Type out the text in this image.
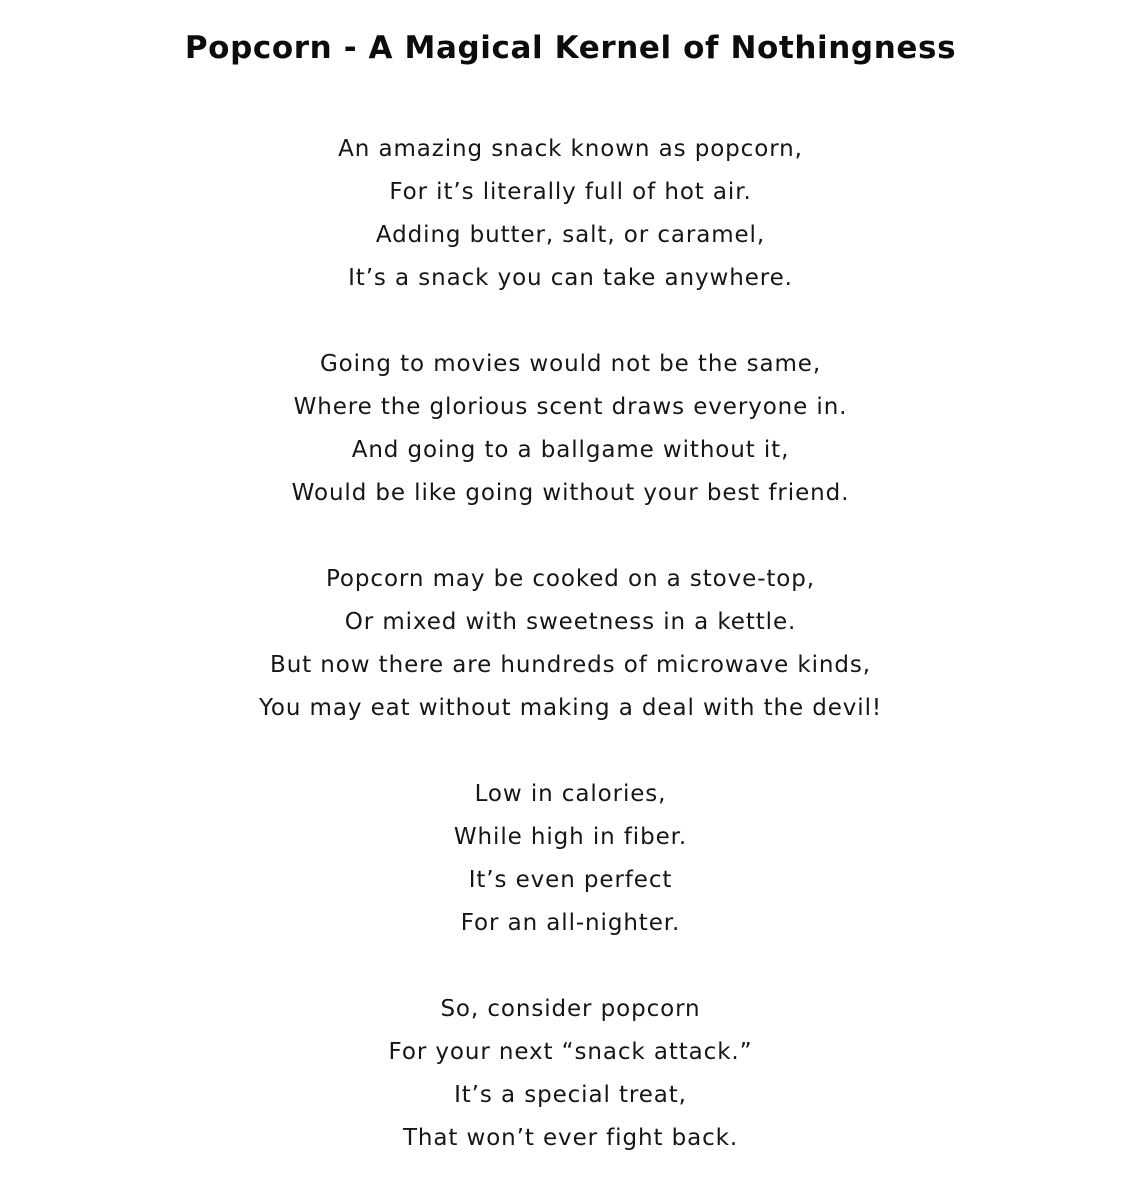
Popcorn - A Magical Kernel of Nothingness
An amazing snack known as popcorn,
For it’s literally full of hot air.
Adding butter, salt, or caramel,
It’s a snack you can take anywhere.
Going to movies would not be the same,
Where the glorious scent draws everyone in.
And going to a ballgame without it,
Would be like going without your best friend.
Popcorn may be cooked on a stove-top,
Or mixed with sweetness in a kettle.
But now there are hundreds of microwave kinds,
You may eat without making a deal with the devil!
Low in calories,
While high in fiber.
It’s even perfect
For an all-nighter.
So, consider popcorn
For your next “snack attack.”
It’s a special treat,
That won’t ever fight back.
